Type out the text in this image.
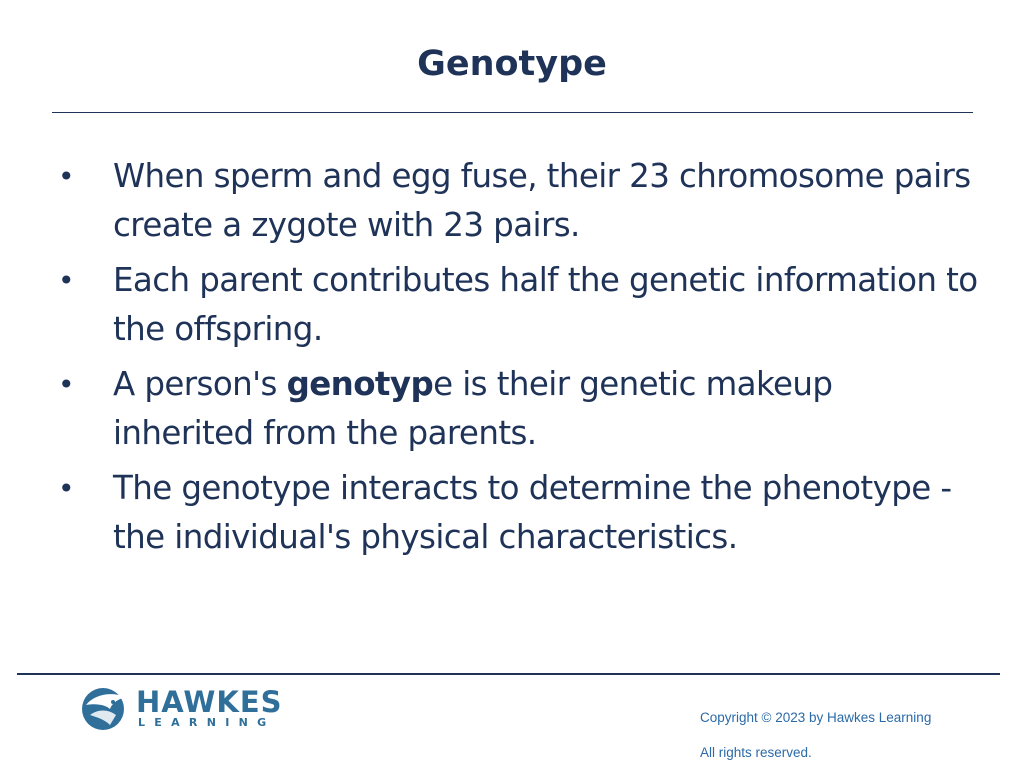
Genotype
• When sperm and egg fuse, their 23 chromosome pairs create a zygote with 23 pairs.
• Each parent contributes half the genetic information to the offspring.
• A person's genotype is their genetic makeup inherited from the parents.
• The genotype interacts to determine the phenotype - the individual's physical characteristics.
HAWKES
LEARNING	Copyright © 2023 by Hawkes Learning
All rights reserved.
